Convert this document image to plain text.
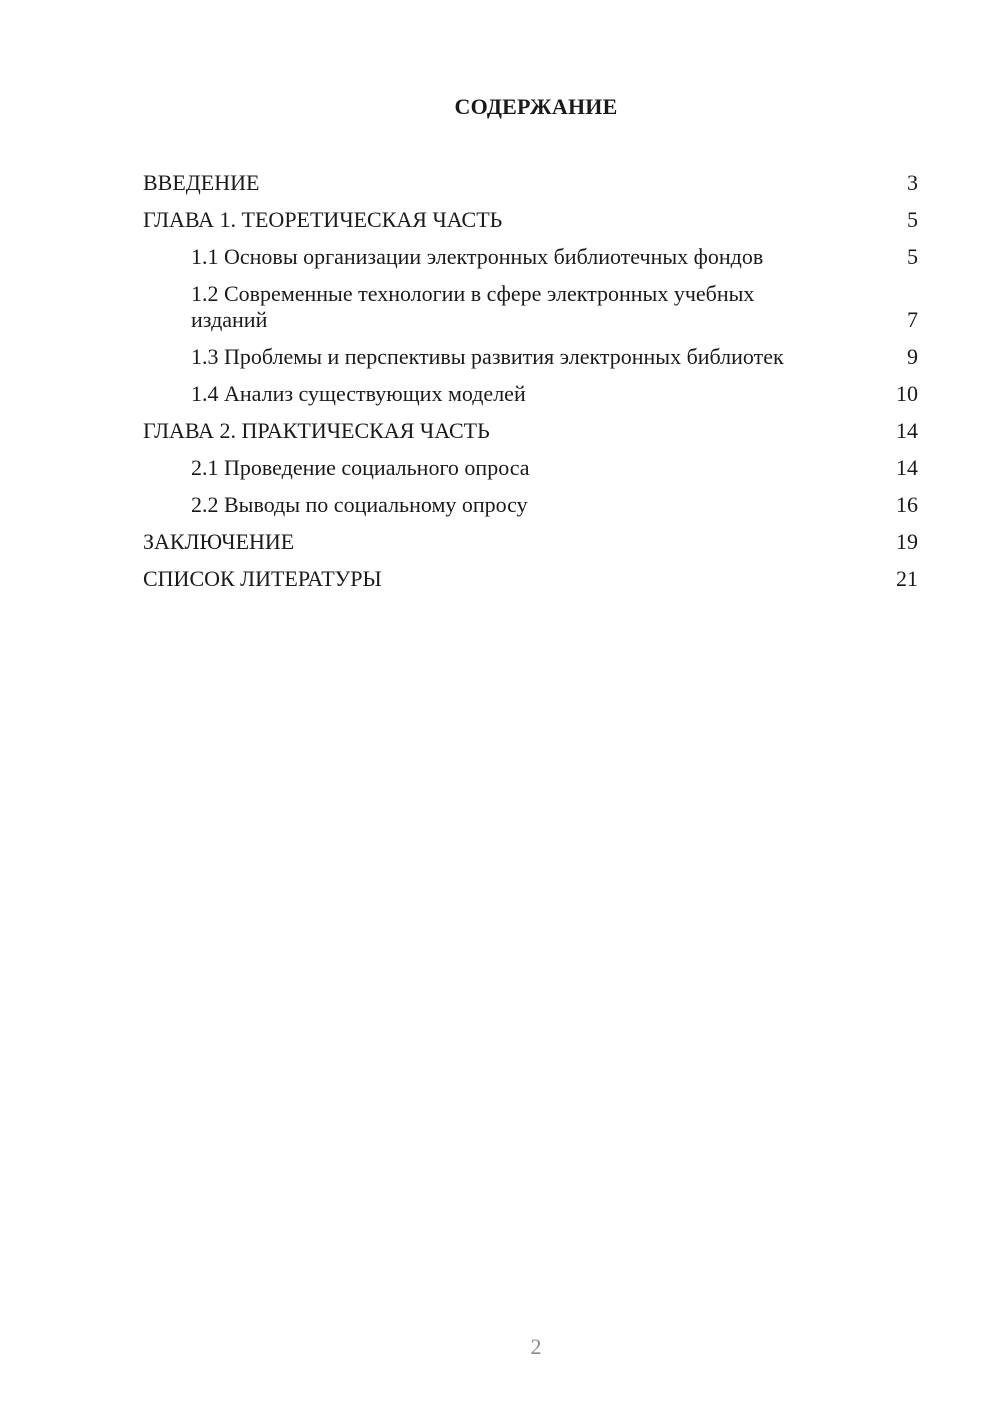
СОДЕРЖАНИЕ
ВВЕДЕНИЕ	3
ГЛАВА 1. ТЕОРЕТИЧЕСКАЯ ЧАСТЬ	5
1.1 Основы организации электронных библиотечных фондов	5
1.2 Современные технологии в сфере электронных учебных изданий	7
1.3 Проблемы и перспективы развития электронных библиотек	9
1.4 Анализ существующих моделей	10
ГЛАВА 2. ПРАКТИЧЕСКАЯ ЧАСТЬ	14
2.1 Проведение социального опроса	14
2.2 Выводы по социальному опросу	16
ЗАКЛЮЧЕНИЕ	19
СПИСОК ЛИТЕРАТУРЫ	21
2
